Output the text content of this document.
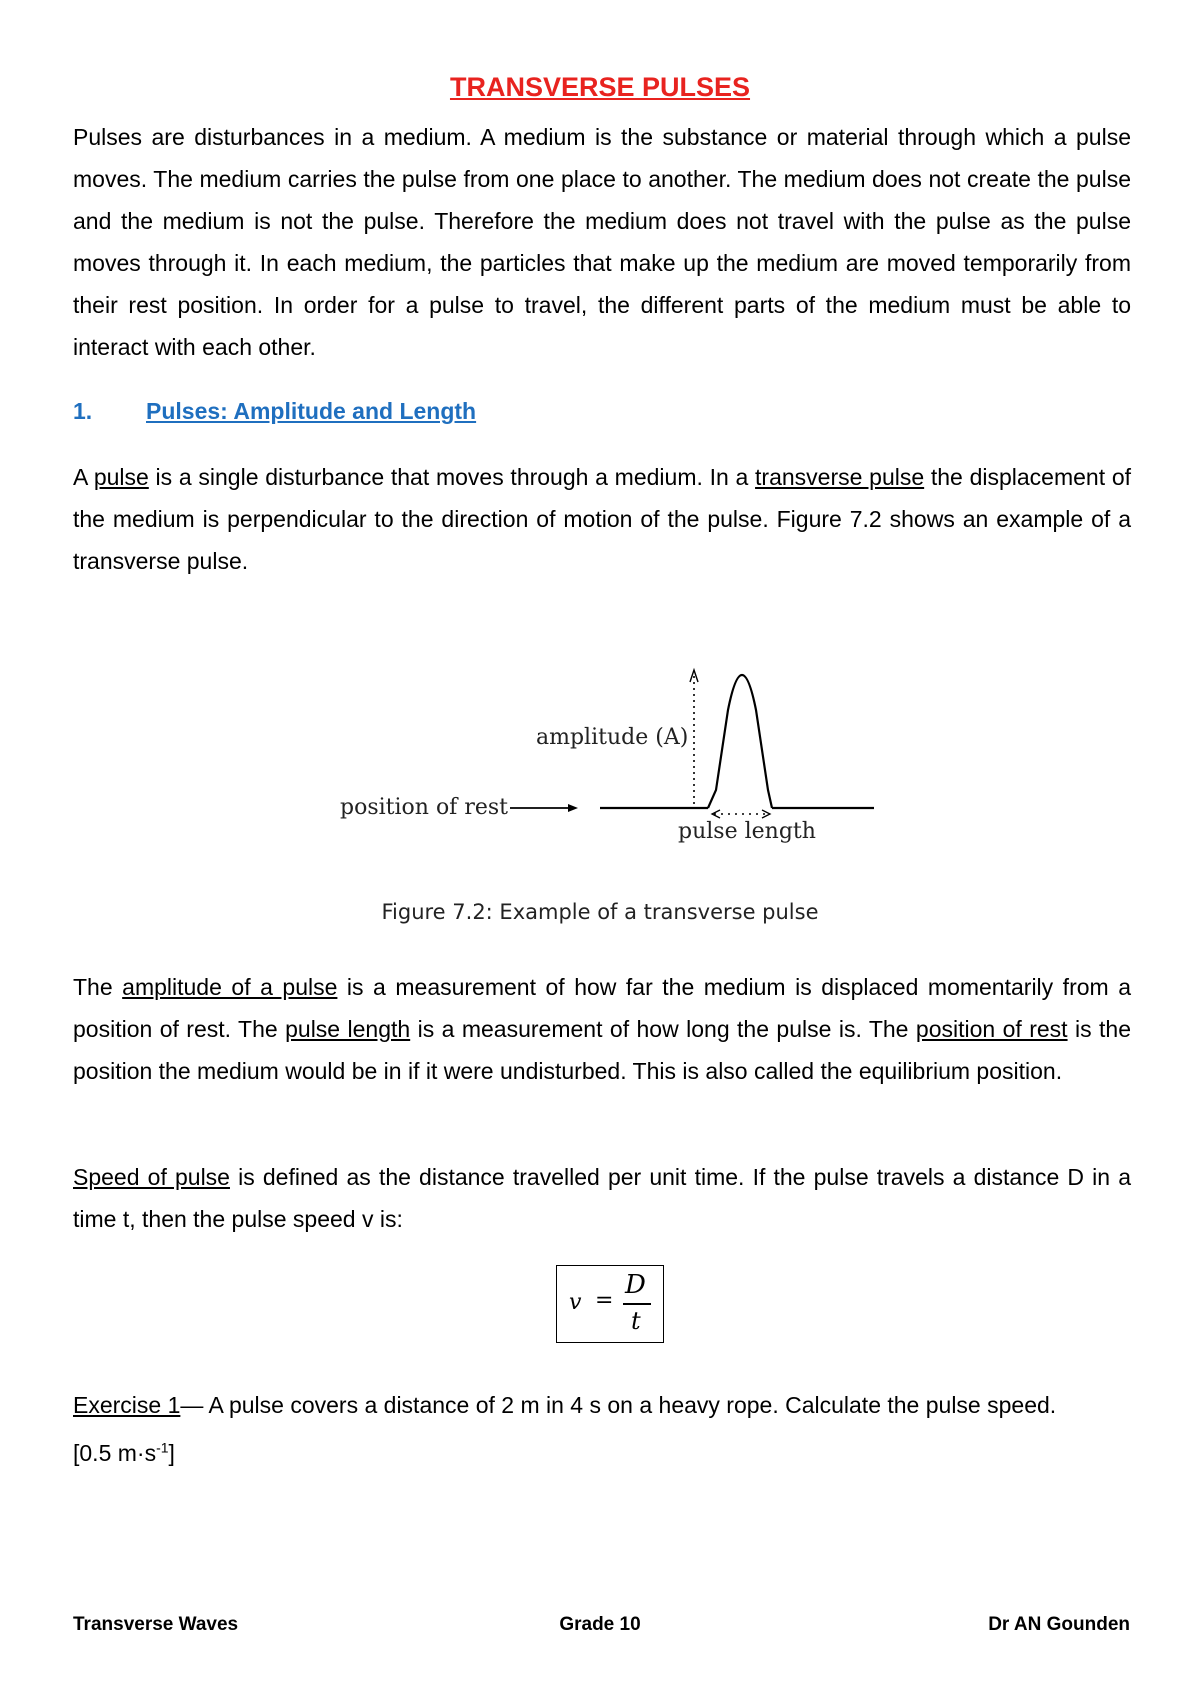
TRANSVERSE PULSES

Pulses are disturbances in a medium. A medium is the substance or material through which a pulse moves. The medium carries the pulse from one place to another. The medium does not create the pulse and the medium is not the pulse. Therefore the medium does not travel with the pulse as the pulse moves through it. In each medium, the particles that make up the medium are moved temporarily from their rest position. In order for a pulse to travel, the different parts of the medium must be able to interact with each other.

1. Pulses: Amplitude and Length

A pulse is a single disturbance that moves through a medium. In a transverse pulse the displacement of the medium is perpendicular to the direction of motion of the pulse. Figure 7.2 shows an example of a transverse pulse.

amplitude (A)
position of rest
pulse length
Figure 7.2: Example of a transverse pulse

The amplitude of a pulse is a measurement of how far the medium is displaced momentarily from a position of rest. The pulse length is a measurement of how long the pulse is. The position of rest is the position the medium would be in if it were undisturbed. This is also called the equilibrium position.

Speed of pulse is defined as the distance travelled per unit time. If the pulse travels a distance D in a time t, then the pulse speed v is:

v =
D
t

Exercise 1— A pulse covers a distance of 2 m in 4 s on a heavy rope. Calculate the pulse speed.
[0.5 $m\cdot s^{-1}$]

Transverse Waves	Grade 10	Dr AN Gounden
